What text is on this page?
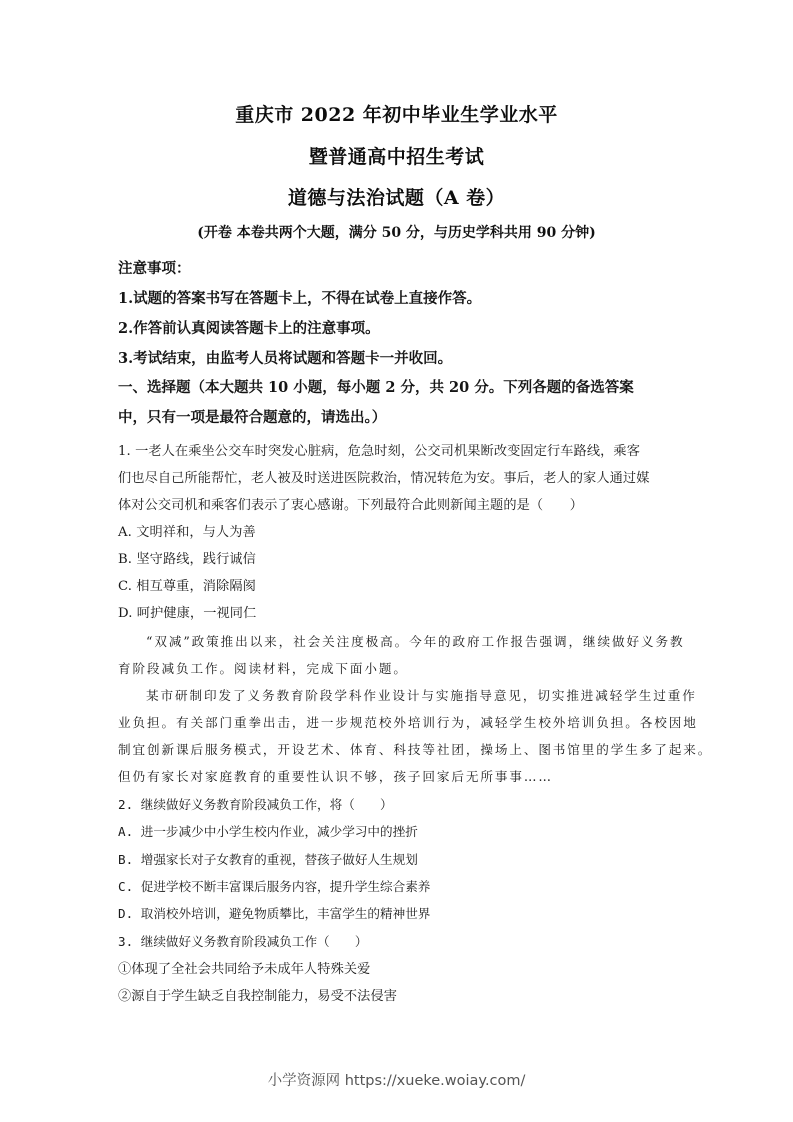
重庆市 2022 年初中毕业生学业水平
暨普通高中招生考试
道德与法治试题（A 卷）
(开卷 本卷共两个大题，满分 50 分，与历史学科共用 90 分钟)
注意事项：
1.试题的答案书写在答题卡上，不得在试卷上直接作答。
2.作答前认真阅读答题卡上的注意事项。
3.考试结束，由监考人员将试题和答题卡一并收回。
一、选择题（本大题共 10 小题，每小题 2 分，共 20 分。下列各题的备选答案
中，只有一项是最符合题意的，请选出。）
1. 一老人在乘坐公交车时突发心脏病，危急时刻，公交司机果断改变固定行车路线，乘客
们也尽自己所能帮忙，老人被及时送进医院救治，情况转危为安。事后，老人的家人通过媒
体对公交司机和乘客们表示了衷心感谢。下列最符合此则新闻主题的是（　　）
A. 文明祥和，与人为善
B. 坚守路线，践行诚信
C. 相互尊重，消除隔阂
D. 呵护健康，一视同仁
“双减”政策推出以来，社会关注度极高。今年的政府工作报告强调，继续做好义务教
育阶段减负工作。阅读材料，完成下面小题。
某市研制印发了义务教育阶段学科作业设计与实施指导意见，切实推进减轻学生过重作
业负担。有关部门重拳出击，进一步规范校外培训行为，减轻学生校外培训负担。各校因地
制宜创新课后服务模式，开设艺术、体育、科技等社团，操场上、图书馆里的学生多了起来。
但仍有家长对家庭教育的重要性认识不够，孩子回家后无所事事……
2. 继续做好义务教育阶段减负工作，将（　　）
A. 进一步减少中小学生校内作业，减少学习中的挫折
B. 增强家长对子女教育的重视，替孩子做好人生规划
C. 促进学校不断丰富课后服务内容，提升学生综合素养
D. 取消校外培训，避免物质攀比，丰富学生的精神世界
3. 继续做好义务教育阶段减负工作（　　）
①体现了全社会共同给予未成年人特殊关爱
②源自于学生缺乏自我控制能力，易受不法侵害
小学资源网 https://xueke.woiay.com/
